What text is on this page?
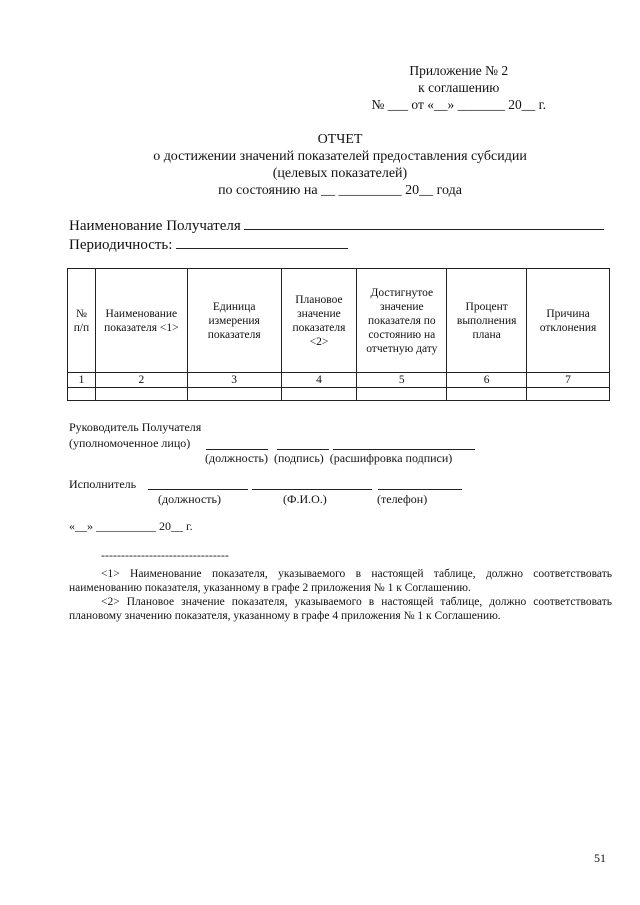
Приложение № 2
к соглашению
№ ___ от «__» _______ 20__ г.
ОТЧЕТ
о достижении значений показателей предоставления субсидии
(целевых показателей)
по состоянию на __ _________ 20__ года
Наименование Получателя
Периодичность:
№ п/п	Наименование показателя <1>	Единица измерения показателя	Плановое значение показателя <2>	Достигнутое значение показателя по состоянию на отчетную дату	Процент выполнения плана	Причина отклонения
1	2	3	4	5	6	7

Руководитель Получателя
(уполномоченное лицо)
(должность)  (подпись)  (расшифровка подписи)
Исполнитель
(должность)	(Ф.И.О.)	(телефон)
«__» __________ 20__ г.
--------------------------------

<1> Наименование показателя, указываемого в настоящей таблице, должно соответствовать наименованию показателя, указанному в графе 2 приложения № 1 к Соглашению.

<2> Плановое значение показателя, указываемого в настоящей таблице, должно соответствовать плановому значению показателя, указанному в графе 4 приложения № 1 к Соглашению.

51
